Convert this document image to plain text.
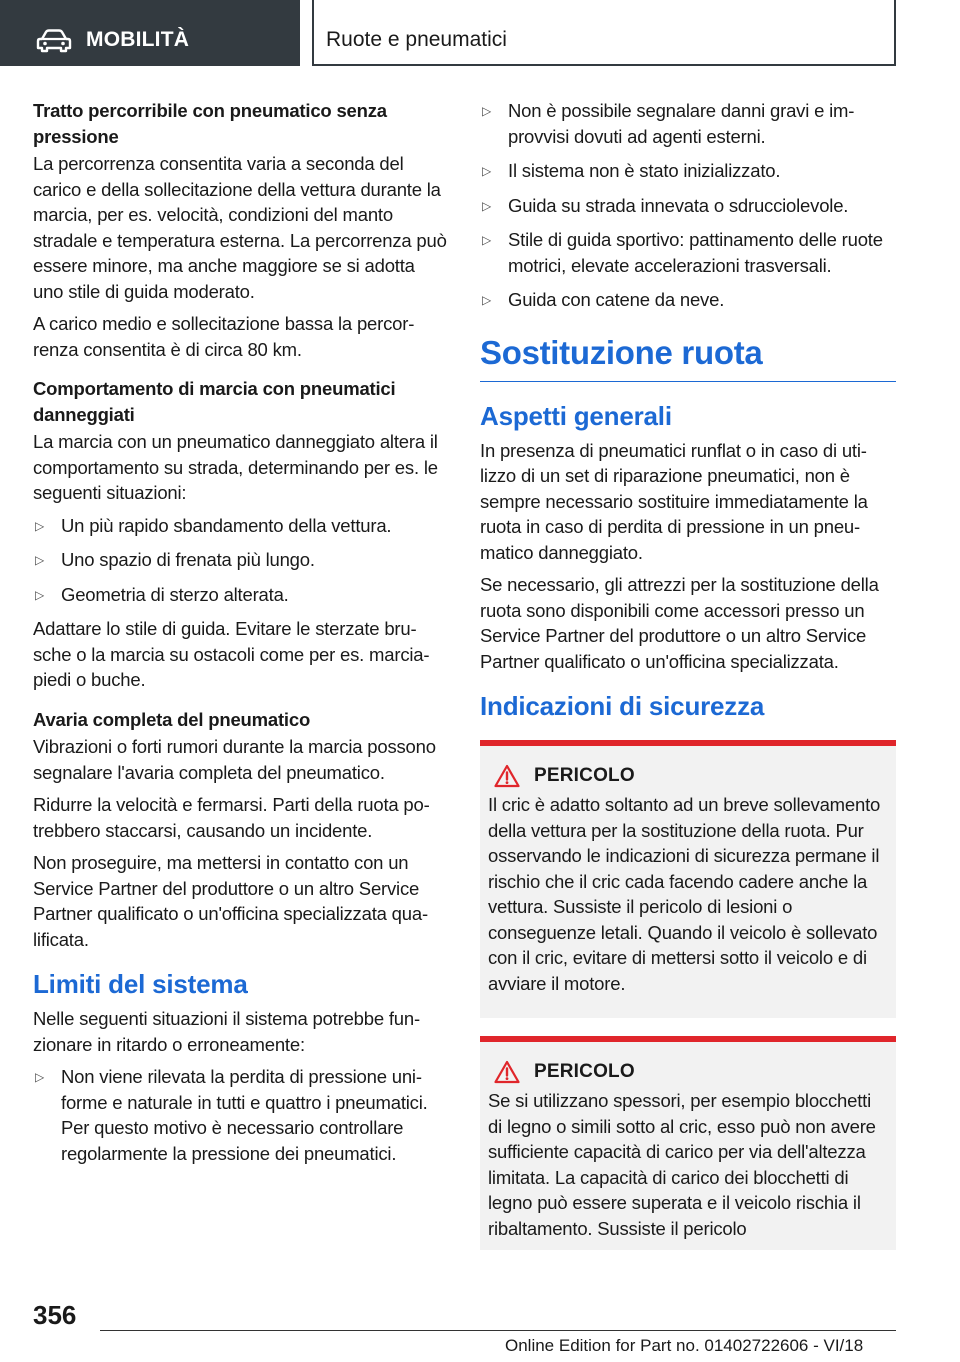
MOBILITÀ	Ruote e pneumatici
Tratto percorribile con pneumatico senza pressione

La percorrenza consentita varia a seconda del carico e della sollecitazione della vettura durante la marcia, per es. velocità, condizioni del manto stradale e temperatura esterna. La percorrenza può essere minore, ma anche maggiore se si adotta uno stile di guida moderato.

A carico medio e sollecitazione bassa la percorrenza consentita è di circa 80 km.

Comportamento di marcia con pneumatici danneggiati

La marcia con un pneumatico danneggiato altera il comportamento su strada, determinando per es. le seguenti situazioni:

▷ Un più rapido sbandamento della vettura.
▷ Uno spazio di frenata più lungo.
▷ Geometria di sterzo alterata.

Adattare lo stile di guida. Evitare le sterzate brusche o la marcia su ostacoli come per es. marciapiedi o buche.

Avaria completa del pneumatico

Vibrazioni o forti rumori durante la marcia possono segnalare l'avaria completa del pneumatico.

Ridurre la velocità e fermarsi. Parti della ruota potrebbero staccarsi, causando un incidente.

Non proseguire, ma mettersi in contatto con un Service Partner del produttore o un altro Service Partner qualificato o un'officina specializzata qualificata.

Limiti del sistema

Nelle seguenti situazioni il sistema potrebbe funzionare in ritardo o erroneamente:

▷ Non viene rilevata la perdita di pressione uniforme e naturale in tutti e quattro i pneumatici. Per questo motivo è necessario controllare regolarmente la pressione dei pneumatici.
▷ Non è possibile segnalare danni gravi e improvvisi dovuti ad agenti esterni.
▷ Il sistema non è stato inizializzato.
▷ Guida su strada innevata o sdrucciolevole.
▷ Stile di guida sportivo: pattinamento delle ruote motrici, elevate accelerazioni trasversali.
▷ Guida con catene da neve.
Sostituzione ruota
Aspetti generali

In presenza di pneumatici runflat o in caso di utilizzo di un set di riparazione pneumatici, non è sempre necessario sostituire immediatamente la ruota in caso di perdita di pressione in un pneumatico danneggiato.

Se necessario, gli attrezzi per la sostituzione della ruota sono disponibili come accessori presso un Service Partner del produttore o un altro Service Partner qualificato o un'officina specializzata.

Indicazioni di sicurezza
PERICOLO

Il cric è adatto soltanto ad un breve sollevamento della vettura per la sostituzione della ruota. Pur osservando le indicazioni di sicurezza permane il rischio che il cric cada facendo cadere anche la vettura. Sussiste il pericolo di lesioni o conseguenze letali. Quando il veicolo è sollevato con il cric, evitare di mettersi sotto il veicolo e di avviare il motore.

PERICOLO

Se si utilizzano spessori, per esempio blocchetti di legno o simili sotto al cric, esso può non avere sufficiente capacità di carico per via dell'altezza limitata. La capacità di carico dei blocchetti di legno può essere superata e il veicolo rischia il ribaltamento. Sussiste il pericolo

356
Online Edition for Part no. 01402722606 - VI/18
